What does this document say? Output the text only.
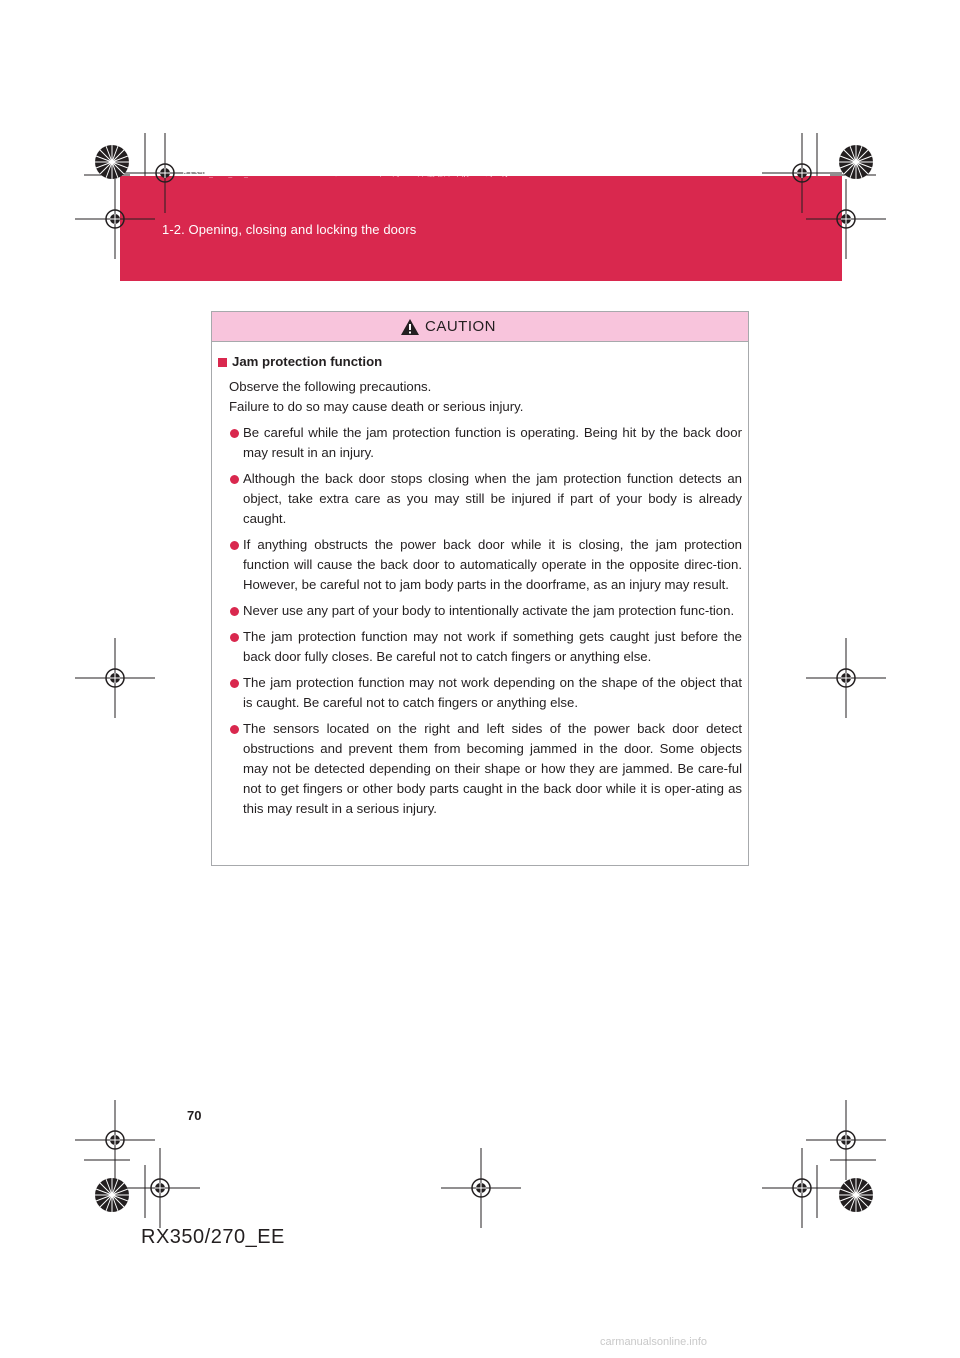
RX350_270_EE_48D77E.book 70 ページ ２０１４年１月２４日 金曜日 午前１０時４分
1-2. Opening, closing and locking the doors
CAUTION
Jam protection function
Observe the following precautions.
Failure to do so may cause death or serious injury.
Be careful while the jam protection function is operating. Being hit by the back door may result in an injury.
Although the back door stops closing when the jam protection function detects an object, take extra care as you may still be injured if part of your body is already caught.
If anything obstructs the power back door while it is closing, the jam protection function will cause the back door to automatically operate in the opposite direc-tion. However, be careful not to jam body parts in the doorframe, as an injury may result.
Never use any part of your body to intentionally activate the jam protection func-tion.
The jam protection function may not work if something gets caught just before the back door fully closes. Be careful not to catch fingers or anything else.
The jam protection function may not work depending on the shape of the object that is caught. Be careful not to catch fingers or anything else.
The sensors located on the right and left sides of the power back door detect obstructions and prevent them from becoming jammed in the door. Some objects may not be detected depending on their shape or how they are jammed. Be care-ful not to get fingers or other body parts caught in the back door while it is oper-ating as this may result in a serious injury.
70
RX350/270_EE
carmanualsonline.info
